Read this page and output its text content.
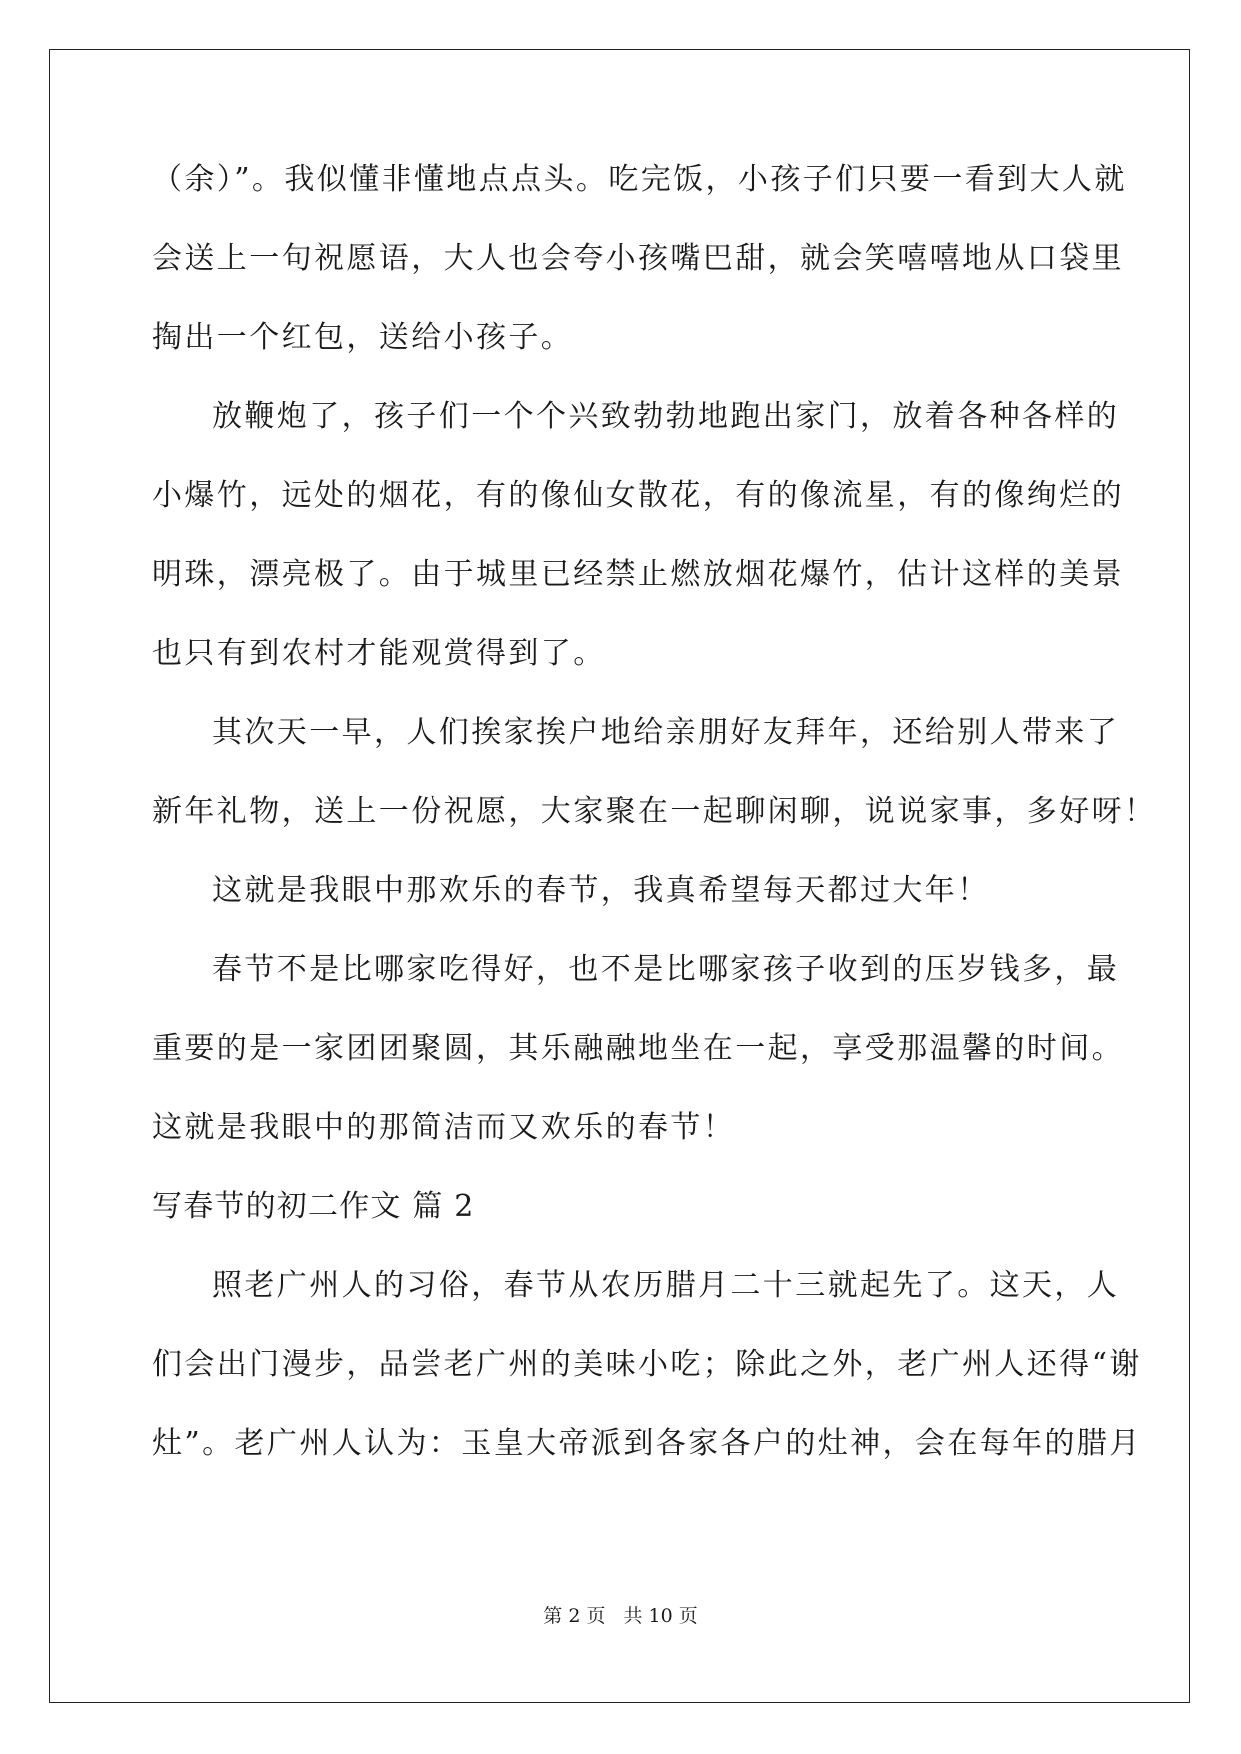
（余）”。我似懂非懂地点点头。吃完饭，小孩子们只要一看到大人就
会送上一句祝愿语，大人也会夸小孩嘴巴甜，就会笑嘻嘻地从口袋里
掏出一个红包，送给小孩子。
放鞭炮了，孩子们一个个兴致勃勃地跑出家门，放着各种各样的
小爆竹，远处的烟花，有的像仙女散花，有的像流星，有的像绚烂的
明珠，漂亮极了。由于城里已经禁止燃放烟花爆竹，估计这样的美景
也只有到农村才能观赏得到了。
其次天一早，人们挨家挨户地给亲朋好友拜年，还给别人带来了
新年礼物，送上一份祝愿，大家聚在一起聊闲聊，说说家事，多好呀！
这就是我眼中那欢乐的春节，我真希望每天都过大年！
春节不是比哪家吃得好，也不是比哪家孩子收到的压岁钱多，最
重要的是一家团团聚圆，其乐融融地坐在一起，享受那温馨的时间。
这就是我眼中的那简洁而又欢乐的春节！
写春节的初二作文 篇 2
照老广州人的习俗，春节从农历腊月二十三就起先了。这天，人
们会出门漫步，品尝老广州的美味小吃；除此之外，老广州人还得“谢
灶”。老广州人认为：玉皇大帝派到各家各户的灶神，会在每年的腊月
第 2 页 共 10 页
